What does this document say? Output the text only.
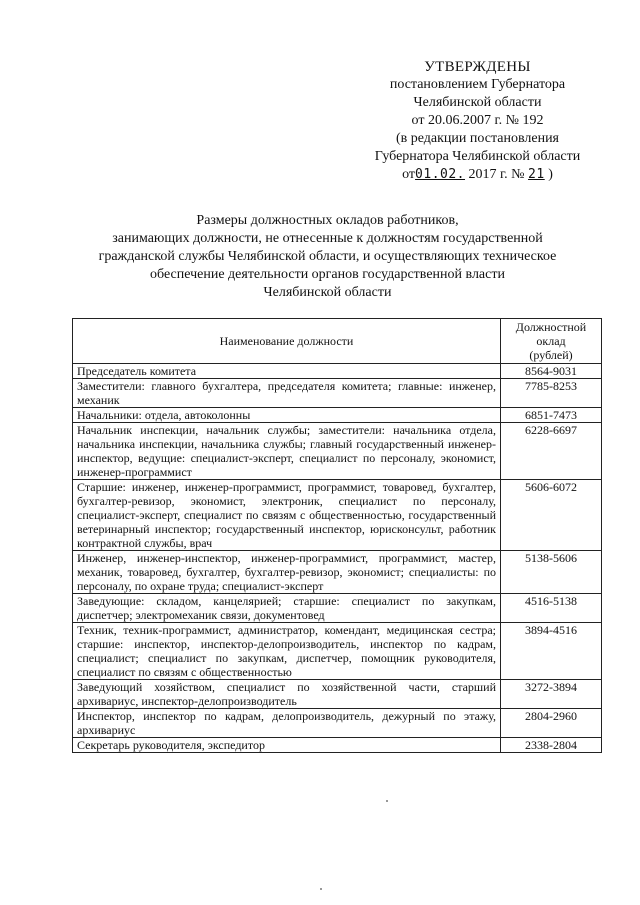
УТВЕРЖДЕНЫ
постановлением Губернатора
Челябинской области
от 20.06.2007 г. № 192
(в редакции постановления
Губернатора Челябинской области
от01.02. 2017 г. № 21 )
Размеры должностных окладов работников,
занимающих должности, не отнесенные к должностям государственной
гражданской службы Челябинской области, и осуществляющих техническое
обеспечение деятельности органов государственной власти
Челябинской области
Наименование должности	Должностной
оклад
(рублей)

Председатель комитета	8564-9031
Заместители: главного бухгалтера, председателя комитета; главные: инженер, механик	7785-8253
Начальники: отдела, автоколонны	6851-7473
Начальник инспекции, начальник службы; заместители: начальника отдела, начальника инспекции, начальника службы; главный государственный инженер-инспектор, ведущие: специалист-эксперт, специалист по персоналу, экономист, инженер-программист	6228-6697
Старшие: инженер, инженер-программист, программист, товаровед, бухгалтер, бухгалтер-ревизор, экономист, электроник, специалист по персоналу, специалист-эксперт, специалист по связям с общественностью, государственный ветеринарный инспектор; государственный инспектор, юрисконсульт, работник контрактной службы, врач	5606-6072
Инженер, инженер-инспектор, инженер-программист, программист, мастер, механик, товаровед, бухгалтер, бухгалтер-ревизор, экономист; специалисты: по персоналу, по охране труда; специалист-эксперт	5138-5606
Заведующие: складом, канцелярией; старшие: специалист по закупкам, диспетчер; электромеханик связи, документовед	4516-5138
Техник, техник-программист, администратор, комендант, медицинская сестра; старшие: инспектор, инспектор-делопроизводитель, инспектор по кадрам, специалист; специалист по закупкам, диспетчер, помощник руководителя, специалист по связям с общественностью	3894-4516
Заведующий хозяйством, специалист по хозяйственной части, старший архивариус, инспектор-делопроизводитель	3272-3894
Инспектор, инспектор по кадрам, делопроизводитель, дежурный по этажу, архивариус	2804-2960
Секретарь руководителя, экспедитор	2338-2804
